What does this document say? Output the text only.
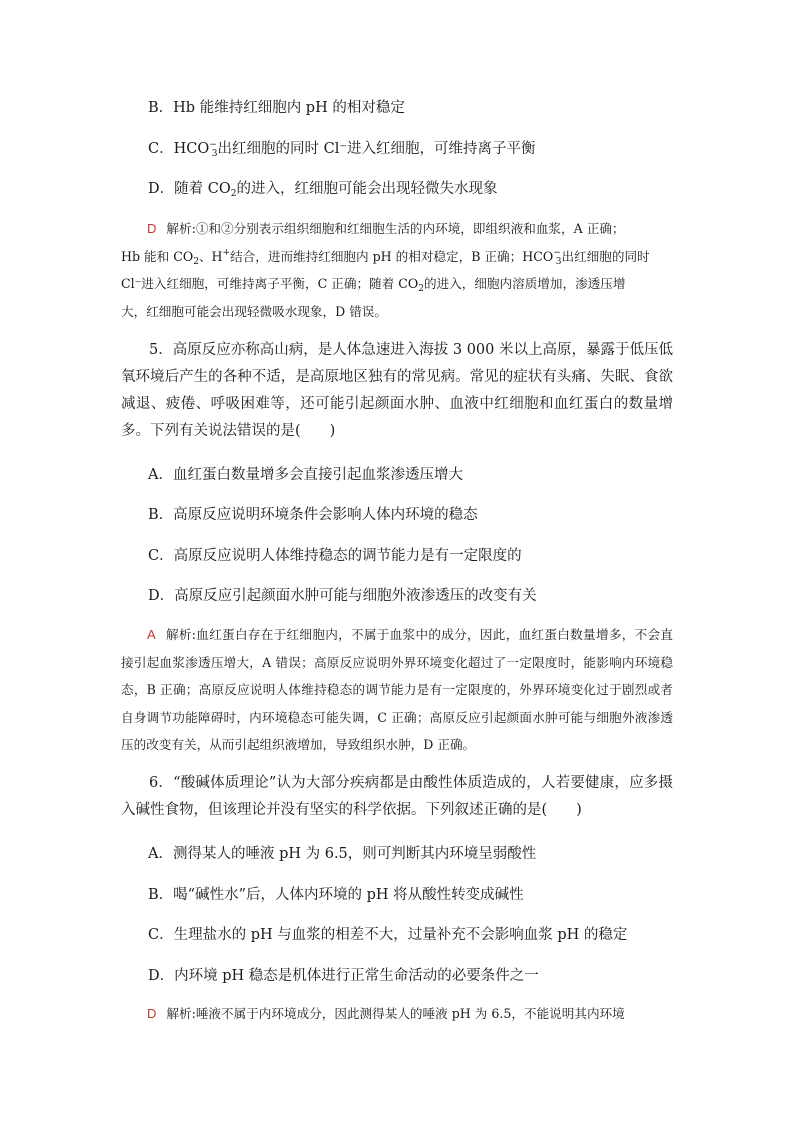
B．Hb 能维持红细胞内 pH 的相对稳定
C．$HCO^-_3$出红细胞的同时 Cl⁻进入红细胞，可维持离子平衡
D．随着 $CO_2$的进入，红细胞可能会出现轻微失水现象
D 解析:①和②分别表示组织细胞和红细胞生活的内环境，即组织液和血浆，A 正确；
Hb 能和 $CO_2$、H+结合，进而维持红细胞内 pH 的相对稳定，B 正确；$HCO^-_3$出红细胞的同时
Cl⁻进入红细胞，可维持离子平衡，C 正确；随着 $CO_2$的进入，细胞内溶质增加，渗透压增
大，红细胞可能会出现轻微吸水现象，D 错误。
5．高原反应亦称高山病，是人体急速进入海拔 3 000 米以上高原，暴露于低压低氧环境后产生的各种不适，是高原地区独有的常见病。常见的症状有头痛、失眠、食欲减退、疲倦、呼吸困难等，还可能引起颜面水肿、血液中红细胞和血红蛋白的数量增多。下列有关说法错误的是(　　)
A．血红蛋白数量增多会直接引起血浆渗透压增大
B．高原反应说明环境条件会影响人体内环境的稳态
C．高原反应说明人体维持稳态的调节能力是有一定限度的
D．高原反应引起颜面水肿可能与细胞外液渗透压的改变有关
A 解析:血红蛋白存在于红细胞内，不属于血浆中的成分，因此，血红蛋白数量增多，不会直接引起血浆渗透压增大，A 错误；高原反应说明外界环境变化超过了一定限度时，能影响内环境稳态，B 正确；高原反应说明人体维持稳态的调节能力是有一定限度的，外界环境变化过于剧烈或者自身调节功能障碍时，内环境稳态可能失调，C 正确；高原反应引起颜面水肿可能与细胞外液渗透压的改变有关，从而引起组织液增加，导致组织水肿，D 正确。
6．“酸碱体质理论”认为大部分疾病都是由酸性体质造成的，人若要健康，应多摄入碱性食物，但该理论并没有坚实的科学依据。下列叙述正确的是(　　)
A．测得某人的唾液 pH 为 6.5，则可判断其内环境呈弱酸性
B．喝“碱性水”后，人体内环境的 pH 将从酸性转变成碱性
C．生理盐水的 pH 与血浆的相差不大，过量补充不会影响血浆 pH 的稳定
D．内环境 pH 稳态是机体进行正常生命活动的必要条件之一
D 解析:唾液不属于内环境成分，因此测得某人的唾液 pH 为 6.5，不能说明其内环境
